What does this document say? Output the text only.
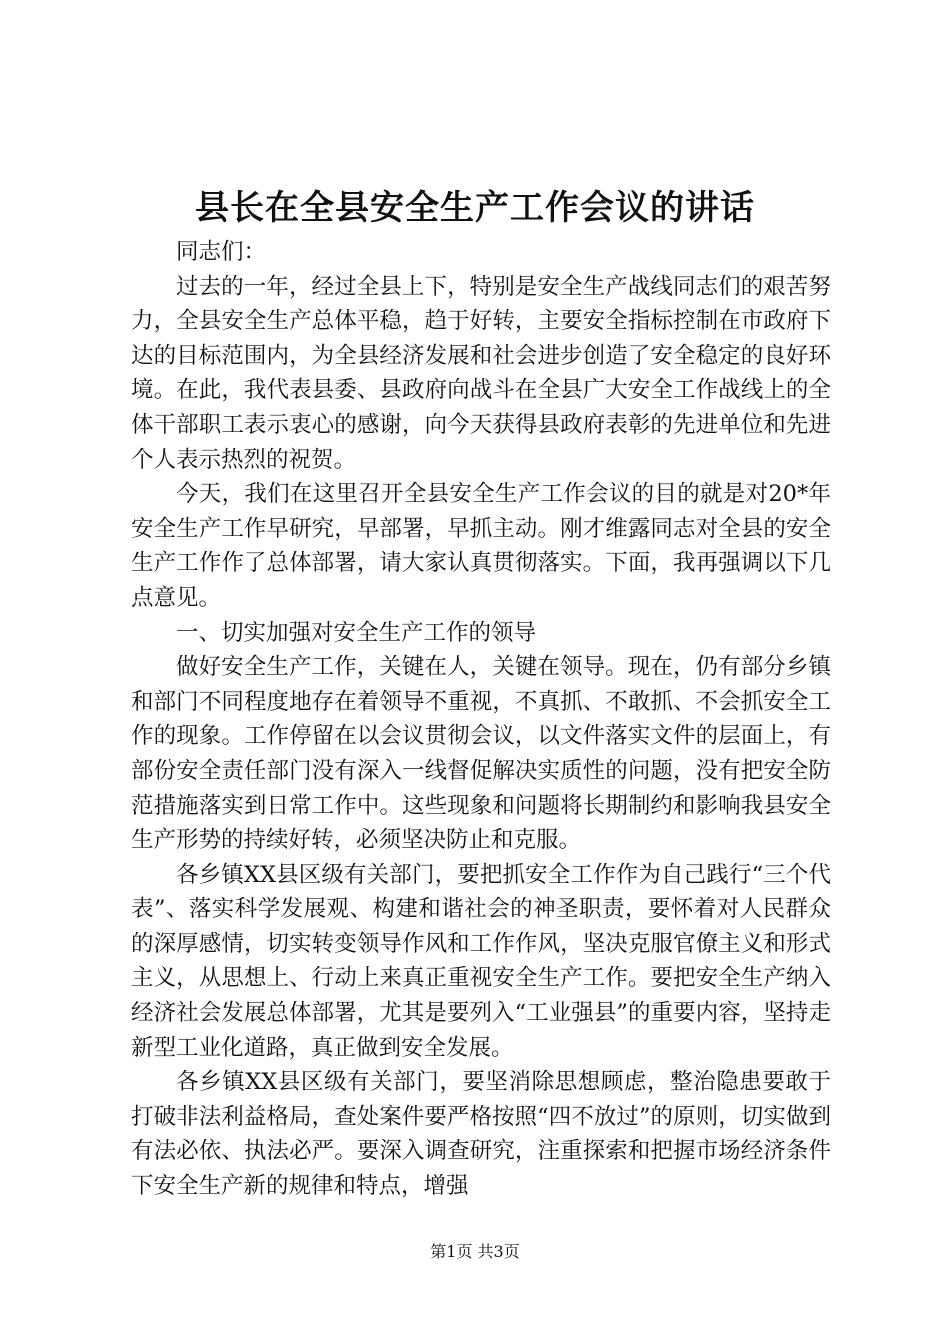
县长在全县安全生产工作会议的讲话

同志们：

过去的一年，经过全县上下，特别是安全生产战线同志们的艰苦努力，全县安全生产总体平稳，趋于好转，主要安全指标控制在市政府下达的目标范围内，为全县经济发展和社会进步创造了安全稳定的良好环境。在此，我代表县委、县政府向战斗在全县广大安全工作战线上的全体干部职工表示衷心的感谢，向今天获得县政府表彰的先进单位和先进个人表示热烈的祝贺。

今天，我们在这里召开全县安全生产工作会议的目的就是对20*年安全生产工作早研究，早部署，早抓主动。刚才维露同志对全县的安全生产工作作了总体部署，请大家认真贯彻落实。下面，我再强调以下几点意见。

一、切实加强对安全生产工作的领导

做好安全生产工作，关键在人，关键在领导。现在，仍有部分乡镇和部门不同程度地存在着领导不重视，不真抓、不敢抓、不会抓安全工作的现象。工作停留在以会议贯彻会议，以文件落实文件的层面上，有部份安全责任部门没有深入一线督促解决实质性的问题，没有把安全防范措施落实到日常工作中。这些现象和问题将长期制约和影响我县安全生产形势的持续好转，必须坚决防止和克服。

各乡镇XX县区级有关部门，要把抓安全工作作为自己践行“三个代表”、落实科学发展观、构建和谐社会的神圣职责，要怀着对人民群众的深厚感情，切实转变领导作风和工作作风，坚决克服官僚主义和形式主义，从思想上、行动上来真正重视安全生产工作。要把安全生产纳入经济社会发展总体部署，尤其是要列入“工业强县”的重要内容，坚持走新型工业化道路，真正做到安全发展。

各乡镇XX县区级有关部门，要坚消除思想顾虑，整治隐患要敢于打破非法利益格局，查处案件要严格按照“四不放过”的原则，切实做到有法必依、执法必严。要深入调查研究，注重探索和把握市场经济条件下安全生产新的规律和特点，增强

第1页 共3页
